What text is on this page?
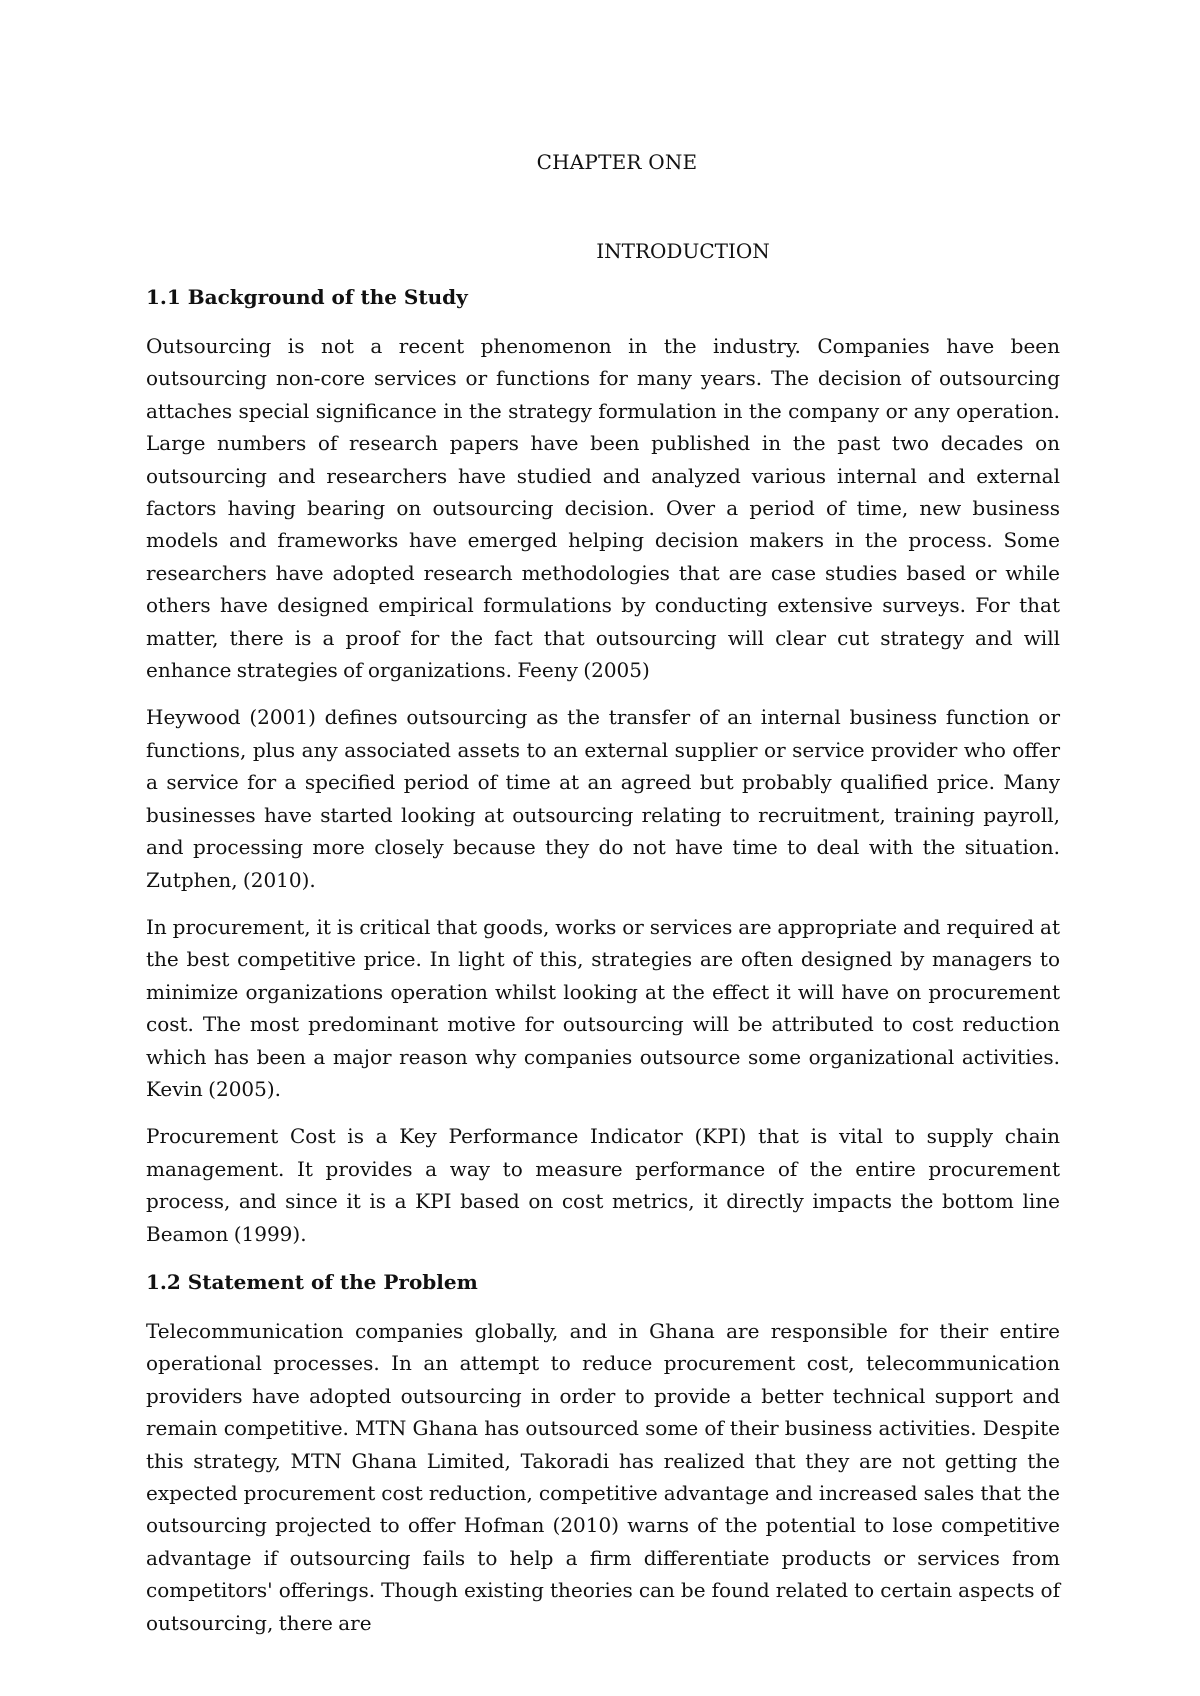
CHAPTER ONE
INTRODUCTION
1.1 Background of the Study

Outsourcing is not a recent phenomenon in the industry. Companies have been outsourcing non-core services or functions for many years. The decision of outsourcing attaches special significance in the strategy formulation in the company or any operation. Large numbers of research papers have been published in the past two decades on outsourcing and researchers have studied and analyzed various internal and external factors having bearing on outsourcing decision. Over a period of time, new business models and frameworks have emerged helping decision makers in the process. Some researchers have adopted research methodologies that are case studies based or while others have designed empirical formulations by conducting extensive surveys. For that matter, there is a proof for the fact that outsourcing will clear cut strategy and will enhance strategies of organizations. Feeny (2005)

Heywood (2001) defines outsourcing as the transfer of an internal business function or functions, plus any associated assets to an external supplier or service provider who offer a service for a specified period of time at an agreed but probably qualified price. Many businesses have started looking at outsourcing relating to recruitment, training payroll, and processing more closely because they do not have time to deal with the situation. Zutphen, (2010).

In procurement, it is critical that goods, works or services are appropriate and required at the best competitive price. In light of this, strategies are often designed by managers to minimize organizations operation whilst looking at the effect it will have on procurement cost. The most predominant motive for outsourcing will be attributed to cost reduction which has been a major reason why companies outsource some organizational activities. Kevin (2005).

Procurement Cost is a Key Performance Indicator (KPI) that is vital to supply chain management. It provides a way to measure performance of the entire procurement process, and since it is a KPI based on cost metrics, it directly impacts the bottom line Beamon (1999).

1.2 Statement of the Problem

Telecommunication companies globally, and in Ghana are responsible for their entire operational processes. In an attempt to reduce procurement cost, telecommunication providers have adopted outsourcing in order to provide a better technical support and remain competitive. MTN Ghana has outsourced some of their business activities. Despite this strategy, MTN Ghana Limited, Takoradi has realized that they are not getting the expected procurement cost reduction, competitive advantage and increased sales that the outsourcing projected to offer Hofman (2010) warns of the potential to lose competitive advantage if outsourcing fails to help a firm differentiate products or services from competitors' offerings. Though existing theories can be found related to certain aspects of outsourcing, there are
